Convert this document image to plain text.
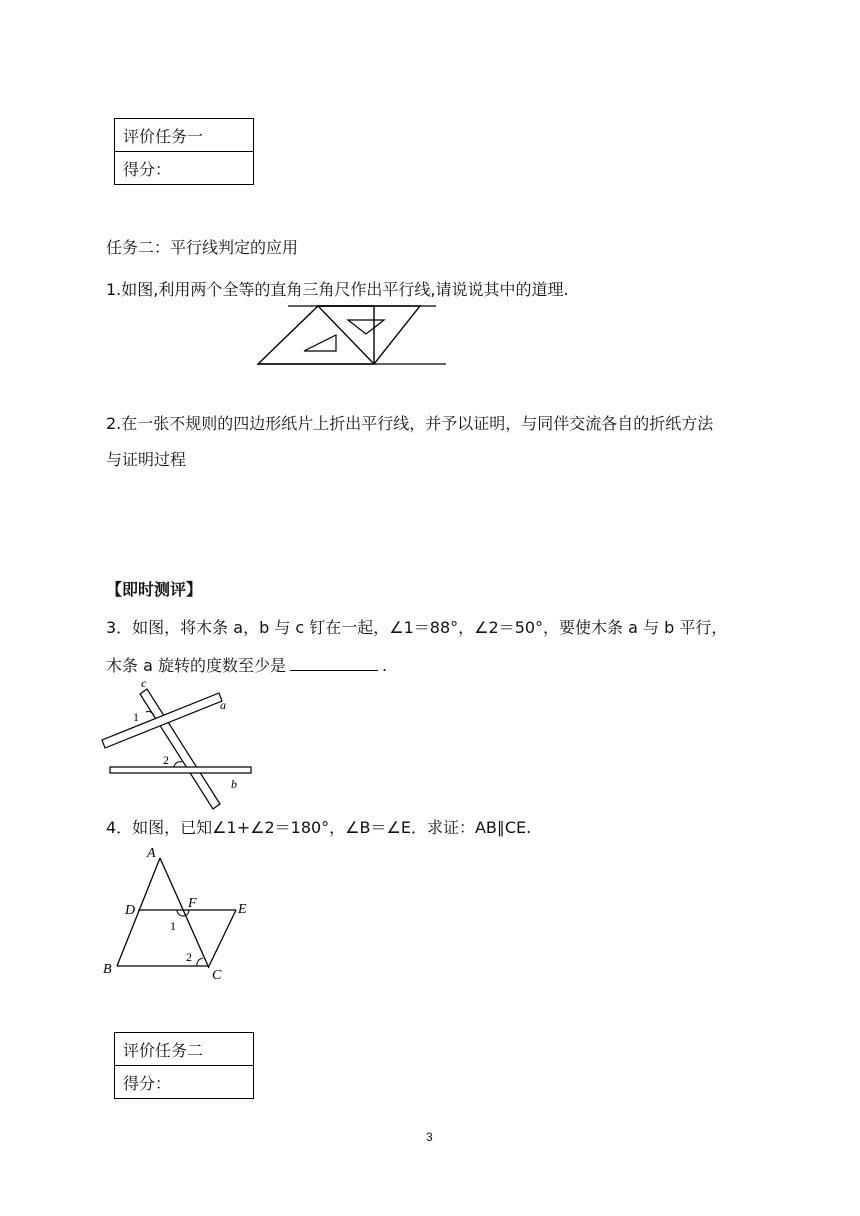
评价任务一
得分：
任务二：平行线判定的应用
1.如图,利用两个全等的直角三角尺作出平行线,请说说其中的道理.
2.在一张不规则的四边形纸片上折出平行线，并予以证明，与同伴交流各自的折纸方法
与证明过程
【即时测评】
3．如图，将木条 a，b 与 c 钉在一起，∠1＝88°，∠2＝50°，要使木条 a 与 b 平行，
木条 a 旋转的度数至少是	.
c
a
b
1
2
4．如图，已知∠1+∠2＝180°，∠B＝∠E．求证：AB∥CE.
A
D	F	E
B	C
1
2
评价任务二
得分：
3
